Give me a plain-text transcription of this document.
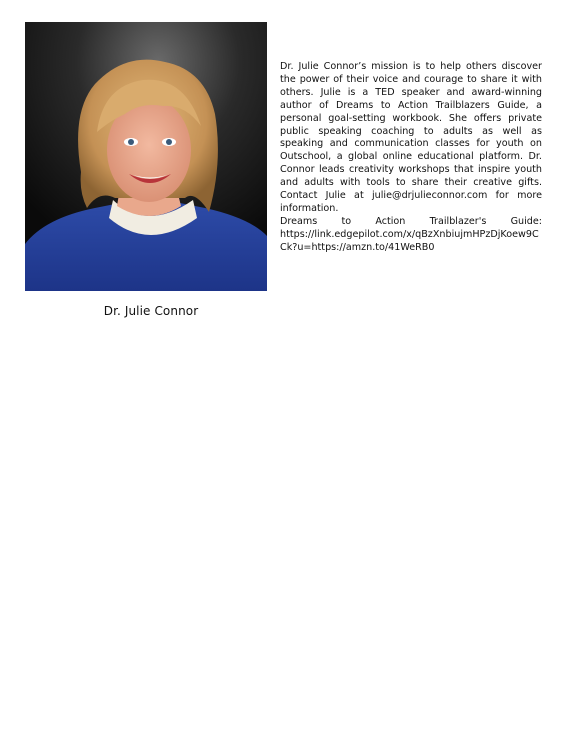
Dr. Julie Connor

Dr. Julie Connor’s mission is to help others discover the power of their voice and courage to share it with others. Julie is a TED speaker and award-winning author of Dreams to Action Trailblazers Guide, a personal goal-setting workbook. She offers private public speaking coaching to adults as well as speaking and communication classes for youth on Outschool, a global online educational platform. Dr. Connor leads creativity workshops that inspire youth and adults with tools to share their creative gifts. Contact Julie at julie@drjulieconnor.com for more information.

Dreams to Action Trailblazer's Guide:
https://link.edgepilot.com/x/qBzXnbiujmHPzDjKoew9CCk?u=https://amzn.to/41WeRB0
